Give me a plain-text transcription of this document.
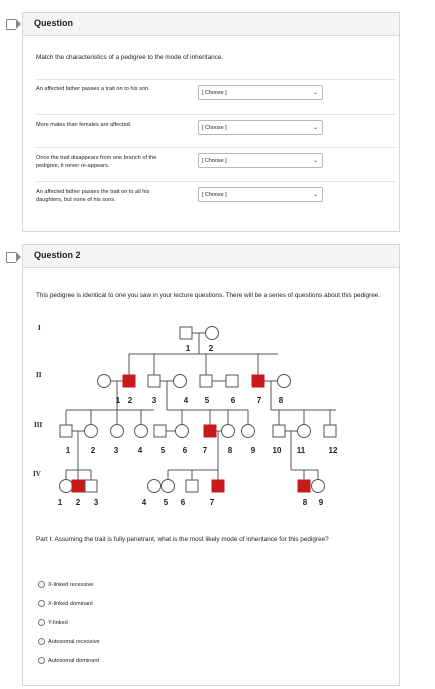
Question
Match the characteristics of a pedigree to the mode of inheritance.
An affected father passes a trait on to his son.
[ Choose ]	⌄
More males than females are affected.	[ Choose ]	⌄
Once the trait disappears from one branch of the pedigree, it never re-appears.
[ Choose ]	⌄
An affected father passes the trait on to all his daughters, but none of his sons.
[ Choose ]	⌄
Question 2
This pedigree is identical to one you saw in your lecture questions. There will be a series of questions about this pedigree.
Part I: Assuming the trait is fully penetrant, what is the most likely mode of inheritance for this pedigree?
X-linked recessive
X-linked dominant
Y-linked
Autosomal recessive
Autosomal dominant
I
II
III
IV
1 2
1 2 3	4 5	6	7 8
1	2 3 4 5 6 7	8 9 10 11	12
1 2 3	4 5 6	7	8 9
